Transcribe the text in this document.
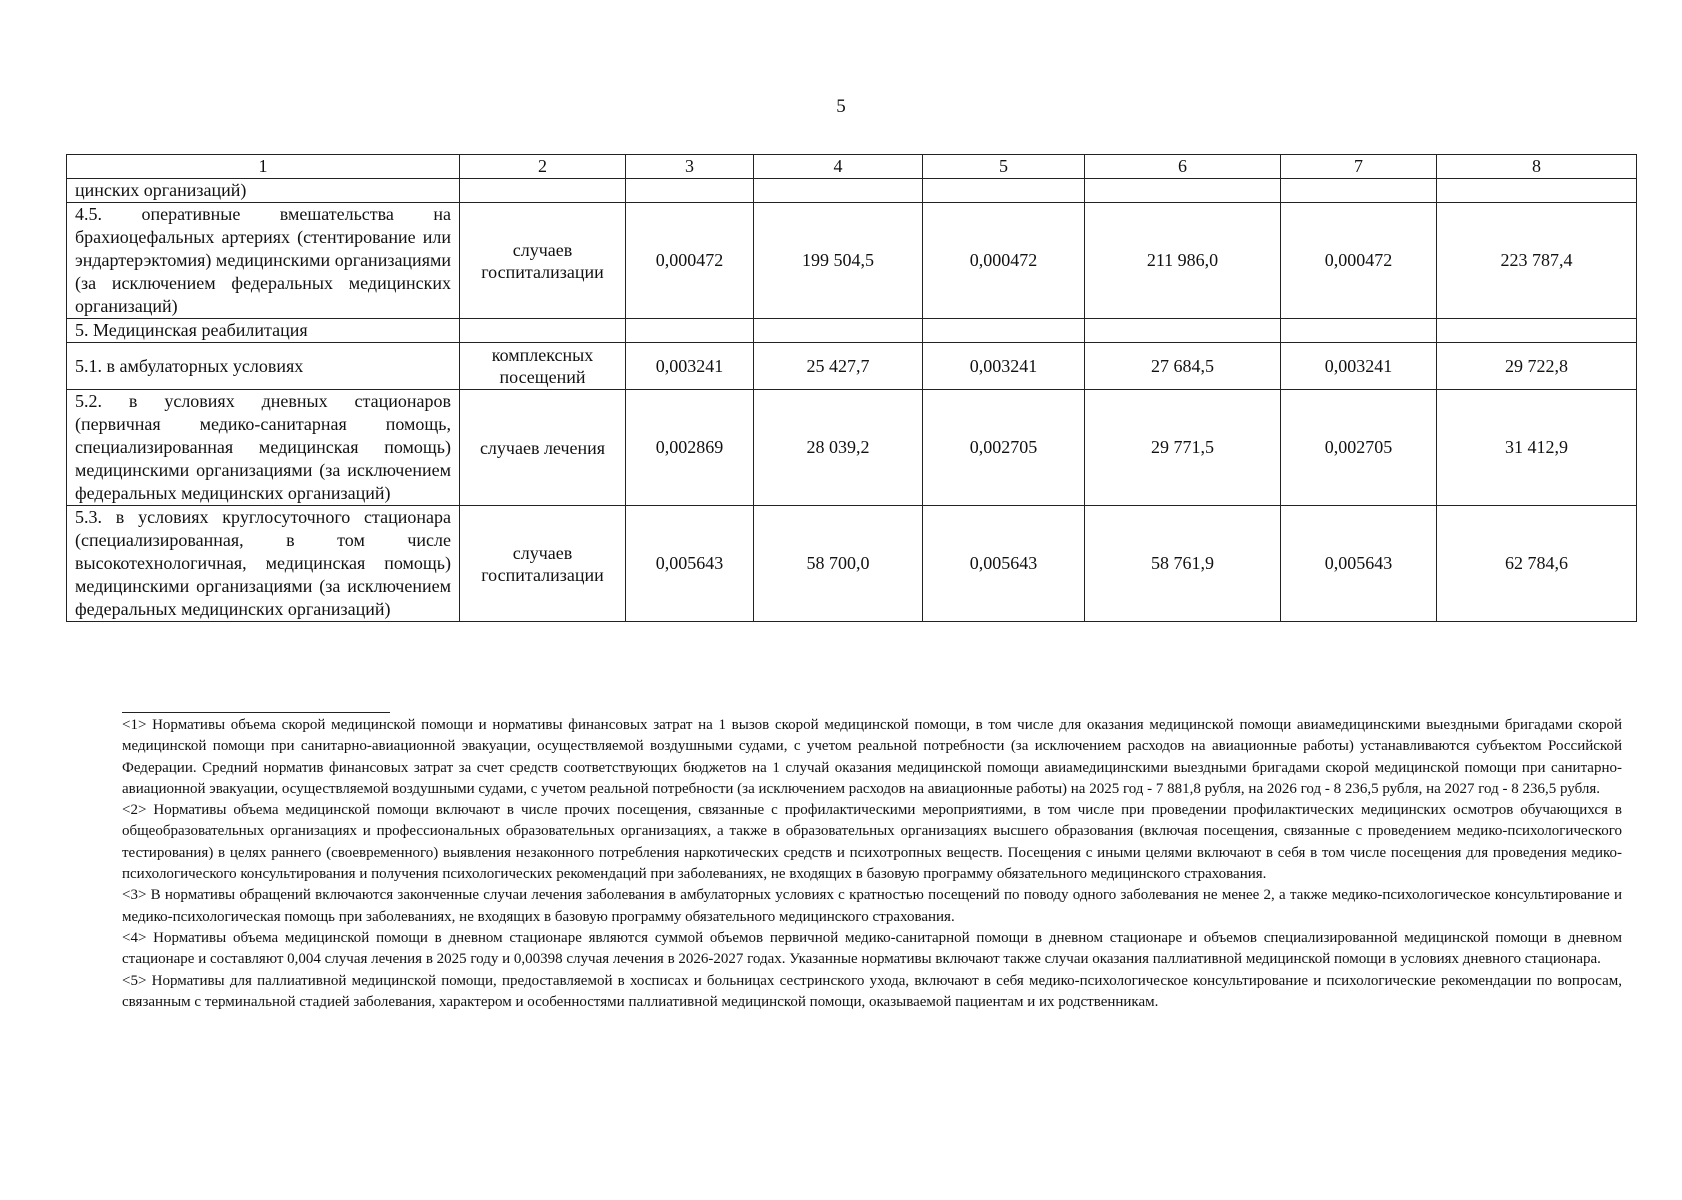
5
1	2	3	4	5	6	7	8
цинских организаций)							
4.5. оперативные вмешательства на брахиоцефальных артериях (стентирование или эндартерэктомия) медицинскими организациями (за исключением федеральных медицинских организаций)	случаев госпитализации	0,000472	199 504,5	0,000472	211 986,0	0,000472	223 787,4
5. Медицинская реабилитация							
5.1. в амбулаторных условиях	комплексных посещений	0,003241	25 427,7	0,003241	27 684,5	0,003241	29 722,8
5.2. в условиях дневных стационаров (первичная медико-санитарная помощь, специализированная медицинская помощь) медицинскими организациями (за исключением федеральных медицинских организаций)	случаев лечения	0,002869	28 039,2	0,002705	29 771,5	0,002705	31 412,9
5.3. в условиях круглосуточного стационара (специализированная, в том числе высокотехнологичная, медицинская помощь) медицинскими организациями (за исключением федеральных медицинских организаций)	случаев госпитализации	0,005643	58 700,0	0,005643	58 761,9	0,005643	62 784,6

<1> Нормативы объема скорой медицинской помощи и нормативы финансовых затрат на 1 вызов скорой медицинской помощи, в том числе для оказания медицинской помощи авиамедицинскими выездными бригадами скорой медицинской помощи при санитарно-авиационной эвакуации, осуществляемой воздушными судами, с учетом реальной потребности (за исключением расходов на авиационные работы) устанавливаются субъектом Российской Федерации. Средний норматив финансовых затрат за счет средств соответствующих бюджетов на 1 случай оказания медицинской помощи авиамедицинскими выездными бригадами скорой медицинской помощи при санитарно-авиационной эвакуации, осуществляемой воздушными судами, с учетом реальной потребности (за исключением расходов на авиационные работы) на 2025 год - 7 881,8 рубля, на 2026 год - 8 236,5 рубля, на 2027 год - 8 236,5 рубля.

<2> Нормативы объема медицинской помощи включают в числе прочих посещения, связанные с профилактическими мероприятиями, в том числе при проведении профилактических медицинских осмотров обучающихся в общеобразовательных организациях и профессиональных образовательных организациях, а также в образовательных организациях высшего образования (включая посещения, связанные с проведением медико-психологического тестирования) в целях раннего (своевременного) выявления незаконного потребления наркотических средств и психотропных веществ. Посещения с иными целями включают в себя в том числе посещения для проведения медико-психологического консультирования и получения психологических рекомендаций при заболеваниях, не входящих в базовую программу обязательного медицинского страхования.

<3> В нормативы обращений включаются законченные случаи лечения заболевания в амбулаторных условиях с кратностью посещений по поводу одного заболевания не менее 2, а также медико-психологическое консультирование и медико-психологическая помощь при заболеваниях, не входящих в базовую программу обязательного медицинского страхования.

<4> Нормативы объема медицинской помощи в дневном стационаре являются суммой объемов первичной медико-санитарной помощи в дневном стационаре и объемов специализированной медицинской помощи в дневном стационаре и составляют 0,004 случая лечения в 2025 году и 0,00398 случая лечения в 2026-2027 годах. Указанные нормативы включают также случаи оказания паллиативной медицинской помощи в условиях дневного стационара.

<5> Нормативы для паллиативной медицинской помощи, предоставляемой в хосписах и больницах сестринского ухода, включают в себя медико-психологическое консультирование и психологические рекомендации по вопросам, связанным с терминальной стадией заболевания, характером и особенностями паллиативной медицинской помощи, оказываемой пациентам и их родственникам.
